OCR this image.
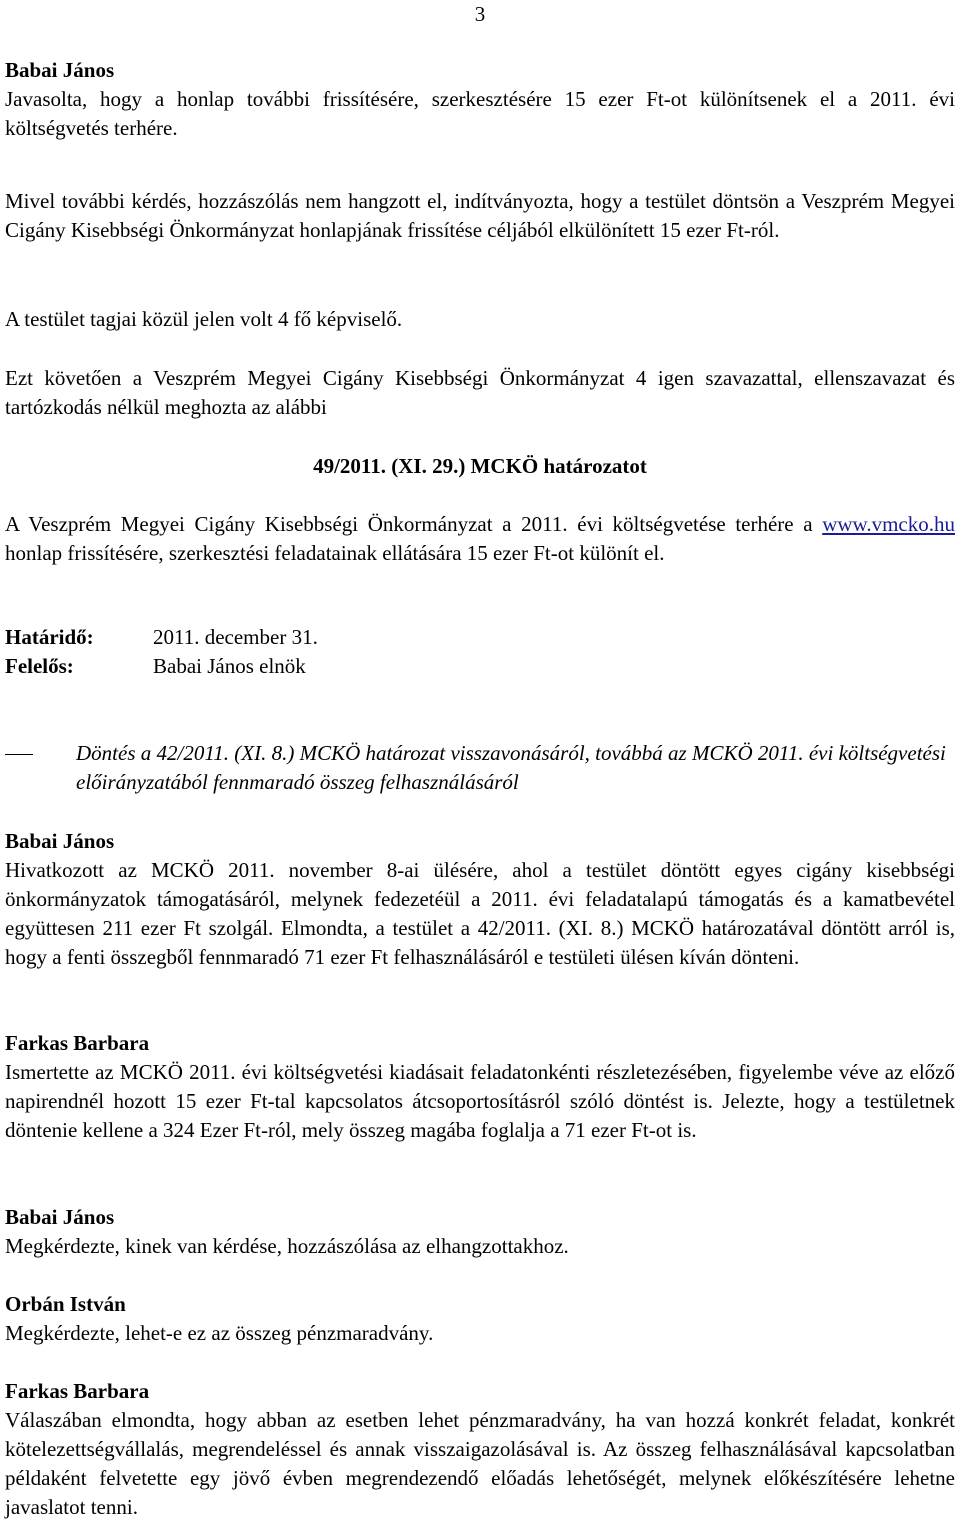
3
Babai János

Javasolta, hogy a honlap további frissítésére, szerkesztésére 15 ezer Ft-ot különítsenek el a 2011. évi költségvetés terhére.

Mivel további kérdés, hozzászólás nem hangzott el, indítványozta, hogy a testület döntsön a Veszprém Megyei Cigány Kisebbségi Önkormányzat honlapjának frissítése céljából elkülönített 15 ezer Ft-ról.

A testület tagjai közül jelen volt 4 fő képviselő.

Ezt követően a Veszprém Megyei Cigány Kisebbségi Önkormányzat 4 igen szavazattal, ellenszavazat és tartózkodás nélkül meghozta az alábbi

49/2011. (XI. 29.) MCKÖ határozatot

A Veszprém Megyei Cigány Kisebbségi Önkormányzat a 2011. évi költségvetése terhére a www.vmcko.hu honlap frissítésére, szerkesztési feladatainak ellátására 15 ezer Ft-ot különít el.

Határidő:	2011. december 31.
Felelős:	Babai János elnök
Döntés a 42/2011. (XI. 8.) MCKÖ határozat visszavonásáról, továbbá az MCKÖ 2011. évi költségvetési előirányzatából fennmaradó összeg felhasználásáról
Babai János

Hivatkozott az MCKÖ 2011. november 8-ai ülésére, ahol a testület döntött egyes cigány kisebbségi önkormányzatok támogatásáról, melynek fedezetéül a 2011. évi feladatalapú támogatás és a kamatbevétel együttesen 211 ezer Ft szolgál. Elmondta, a testület a 42/2011. (XI. 8.) MCKÖ határozatával döntött arról is, hogy a fenti összegből fennmaradó 71 ezer Ft felhasználásáról e testületi ülésen kíván dönteni.

Farkas Barbara

Ismertette az MCKÖ 2011. évi költségvetési kiadásait feladatonkénti részletezésében, figyelembe véve az előző napirendnél hozott 15 ezer Ft-tal kapcsolatos átcsoportosításról szóló döntést is. Jelezte, hogy a testületnek döntenie kellene a 324 Ezer Ft-ról, mely összeg magába foglalja a 71 ezer Ft-ot is.

Babai János

Megkérdezte, kinek van kérdése, hozzászólása az elhangzottakhoz.

Orbán István

Megkérdezte, lehet-e ez az összeg pénzmaradvány.

Farkas Barbara

Válaszában elmondta, hogy abban az esetben lehet pénzmaradvány, ha van hozzá konkrét feladat, konkrét kötelezettségvállalás, megrendeléssel és annak visszaigazolásával is. Az összeg felhasználásával kapcsolatban példaként felvetette egy jövő évben megrendezendő előadás lehetőségét, melynek előkészítésére lehetne javaslatot tenni.
